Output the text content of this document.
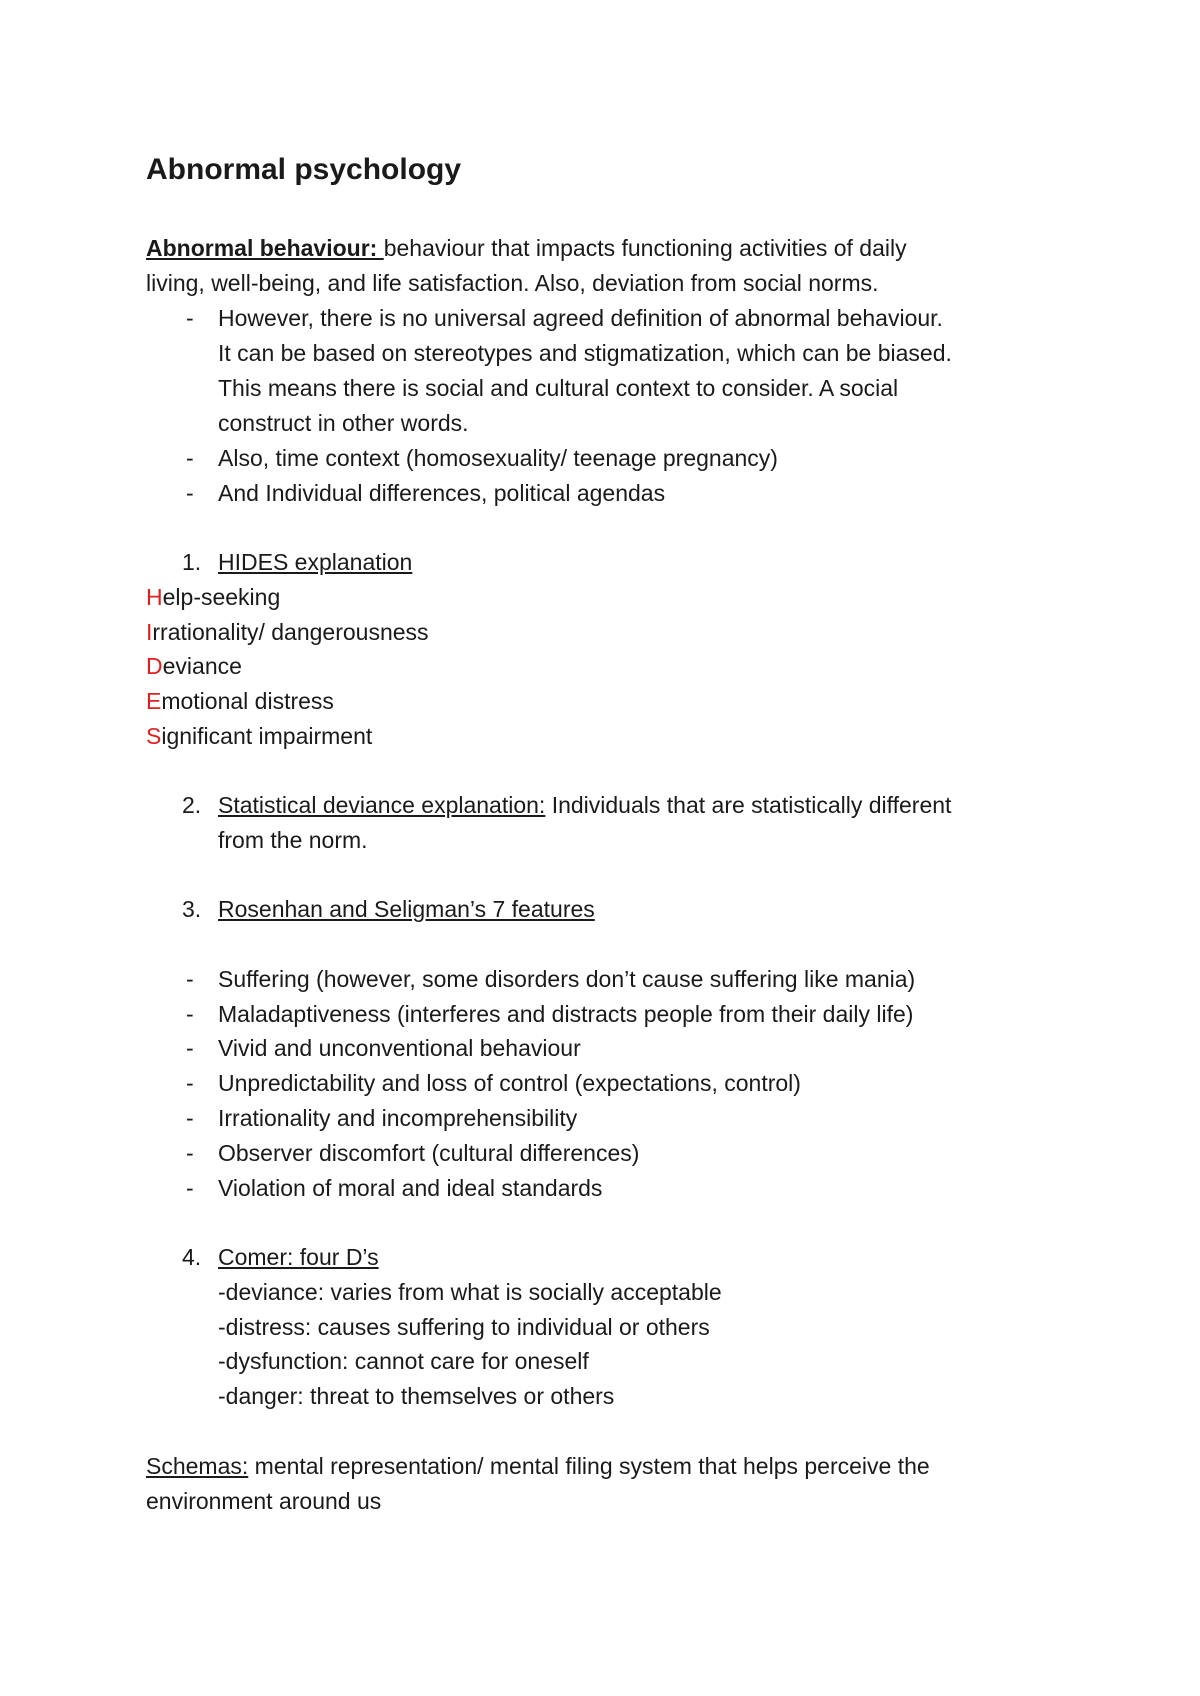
Abnormal psychology
Abnormal behaviour: behaviour that impacts functioning activities of daily
living, well-being, and life satisfaction. Also, deviation from social norms.
-	However, there is no universal agreed definition of abnormal behaviour.
It can be based on stereotypes and stigmatization, which can be biased.
This means there is social and cultural context to consider. A social
construct in other words.
-	Also, time context (homosexuality/ teenage pregnancy)
-	And Individual differences, political agendas
1. HIDES explanation
Help-seeking
Irrationality/ dangerousness
Deviance
Emotional distress
Significant impairment
2. Statistical deviance explanation: Individuals that are statistically different
from the norm.
3. Rosenhan and Seligman’s 7 features
-	Suffering (however, some disorders don’t cause suffering like mania)
-	Maladaptiveness (interferes and distracts people from their daily life)
-	Vivid and unconventional behaviour
-	Unpredictability and loss of control (expectations, control)
-	Irrationality and incomprehensibility
-	Observer discomfort (cultural differences)
-	Violation of moral and ideal standards
4. Comer: four D’s
-deviance: varies from what is socially acceptable
-distress: causes suffering to individual or others
-dysfunction: cannot care for oneself
-danger: threat to themselves or others
Schemas: mental representation/ mental filing system that helps perceive the
environment around us
